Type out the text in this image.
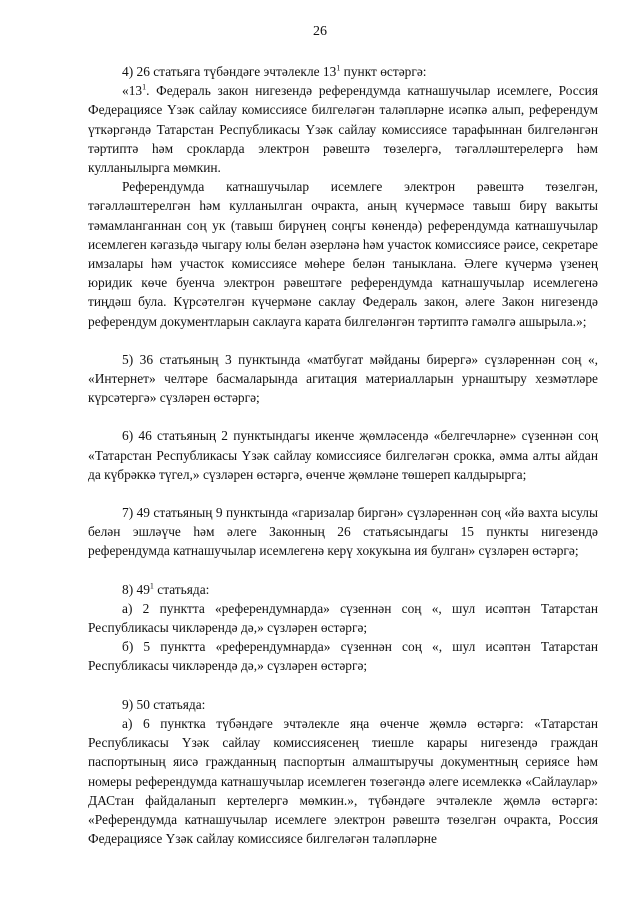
26

4) 26 статьяга түбәндәге эчтәлекле $13^1$ пункт өстәргә:

«$13^1$. Федераль закон нигезендә референдумда катнашучылар исемлеге, Россия Федерациясе Үзәк сайлау комиссиясе билгеләгән таләпләрне исәпкә алып, референдум үткәргәндә Татарстан Республикасы Үзәк сайлау комиссиясе тарафыннан билгеләнгән тәртиптә һәм срокларда электрон рәвештә төзелергә, тәгәлләштерелергә һәм кулланылырга мөмкин.

Референдумда катнашучылар исемлеге электрон рәвештә төзелгән, тәгәлләштерелгән һәм кулланылган очракта, аның күчермәсе тавыш бирү вакыты тәмамланганнан соң ук (тавыш бирүнең соңгы көнендә) референдумда катнашучылар исемлеген кәгазьдә чыгару юлы белән әзерләнә һәм участок комиссиясе рәисе, секретаре имзалары һәм участок комиссиясе мөһере белән таныклана. Әлеге күчермә үзенең юридик көче буенча электрон рәвештәге референдумда катнашучылар исемлегенә тиңдәш була. Күрсәтелгән күчермәне саклау Федераль закон, әлеге Закон нигезендә референдум документларын саклауга карата билгеләнгән тәртиптә гамәлгә ашырыла.»;

5) 36 статьяның 3 пунктында «матбугат мәйданы бирергә» сүзләреннән соң «, «Интернет» челтәре басмаларында агитация материалларын урнаштыру хезмәтләре күрсәтергә» сүзләрен өстәргә;

6) 46 статьяның 2 пунктындагы икенче җөмләсендә «белгечләрне» сүзеннән соң «Татарстан Республикасы Үзәк сайлау комиссиясе билгеләгән срокка, әмма алты айдан да күбрәккә түгел,» сүзләрен өстәргә, өченче җөмләне төшереп калдырырга;

7) 49 статьяның 9 пунктында «гаризалар биргән» сүзләреннән соң «йә вахта ысулы белән эшләүче һәм әлеге Законның 26 статьясындагы 15 пункты нигезендә референдумда катнашучылар исемлегенә керү хокукына ия булган» сүзләрен өстәргә;

8) $49^1$ статьяда:

а) 2 пунктта «референдумнарда» сүзеннән соң «, шул исәптән Татарстан Республикасы чикләрендә дә,» сүзләрен өстәргә;

б) 5 пунктта «референдумнарда» сүзеннән соң «, шул исәптән Татарстан Республикасы чикләрендә дә,» сүзләрен өстәргә;

9) 50 статьяда:

а) 6 пунктка түбәндәге эчтәлекле яңа өченче җөмлә өстәргә: «Татарстан Республикасы Үзәк сайлау комиссиясенең тиешле карары нигезендә граждан паспортының яисә гражданның паспортын алмаштыручы документның сериясе һәм номеры референдумда катнашучылар исемлеген төзегәндә әлеге исемлеккә «Сайлаулар» ДАСтан файдаланып кертелергә мөмкин.», түбәндәге эчтәлекле җөмлә өстәргә: «Референдумда катнашучылар исемлеге электрон рәвештә төзелгән очракта, Россия Федерациясе Үзәк сайлау комиссиясе билгеләгән таләпләрне
